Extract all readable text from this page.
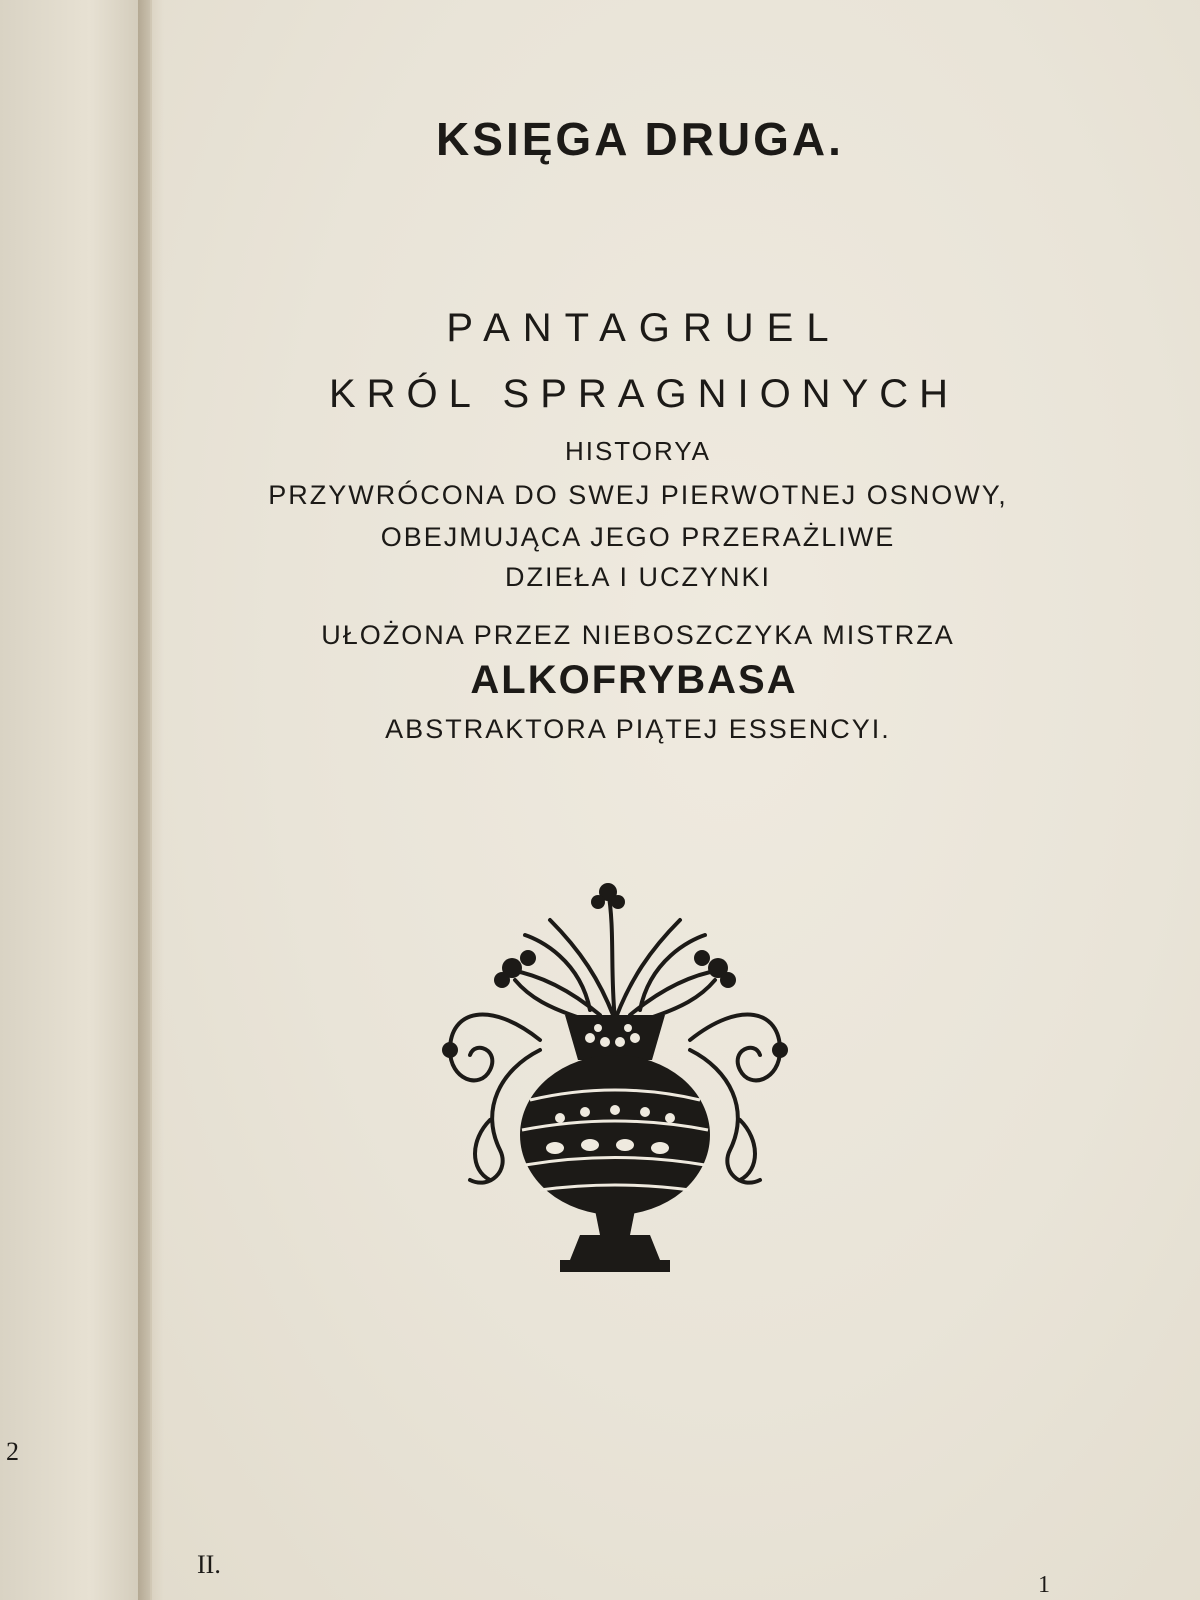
2
KSIĘGA DRUGA.
PANTAGRUEL
KRÓL SPRAGNIONYCH
HISTORYA
PRZYWRÓCONA DO SWEJ PIERWOTNEJ OSNOWY,
OBEJMUJĄCA JEGO PRZERAŻLIWE
DZIEŁA I UCZYNKI
UŁOŻONA PRZEZ NIEBOSZCZYKA MISTRZA
ALKOFRYBASA
ABSTRAKTORA PIĄTEJ ESSENCYI.
II.
1
